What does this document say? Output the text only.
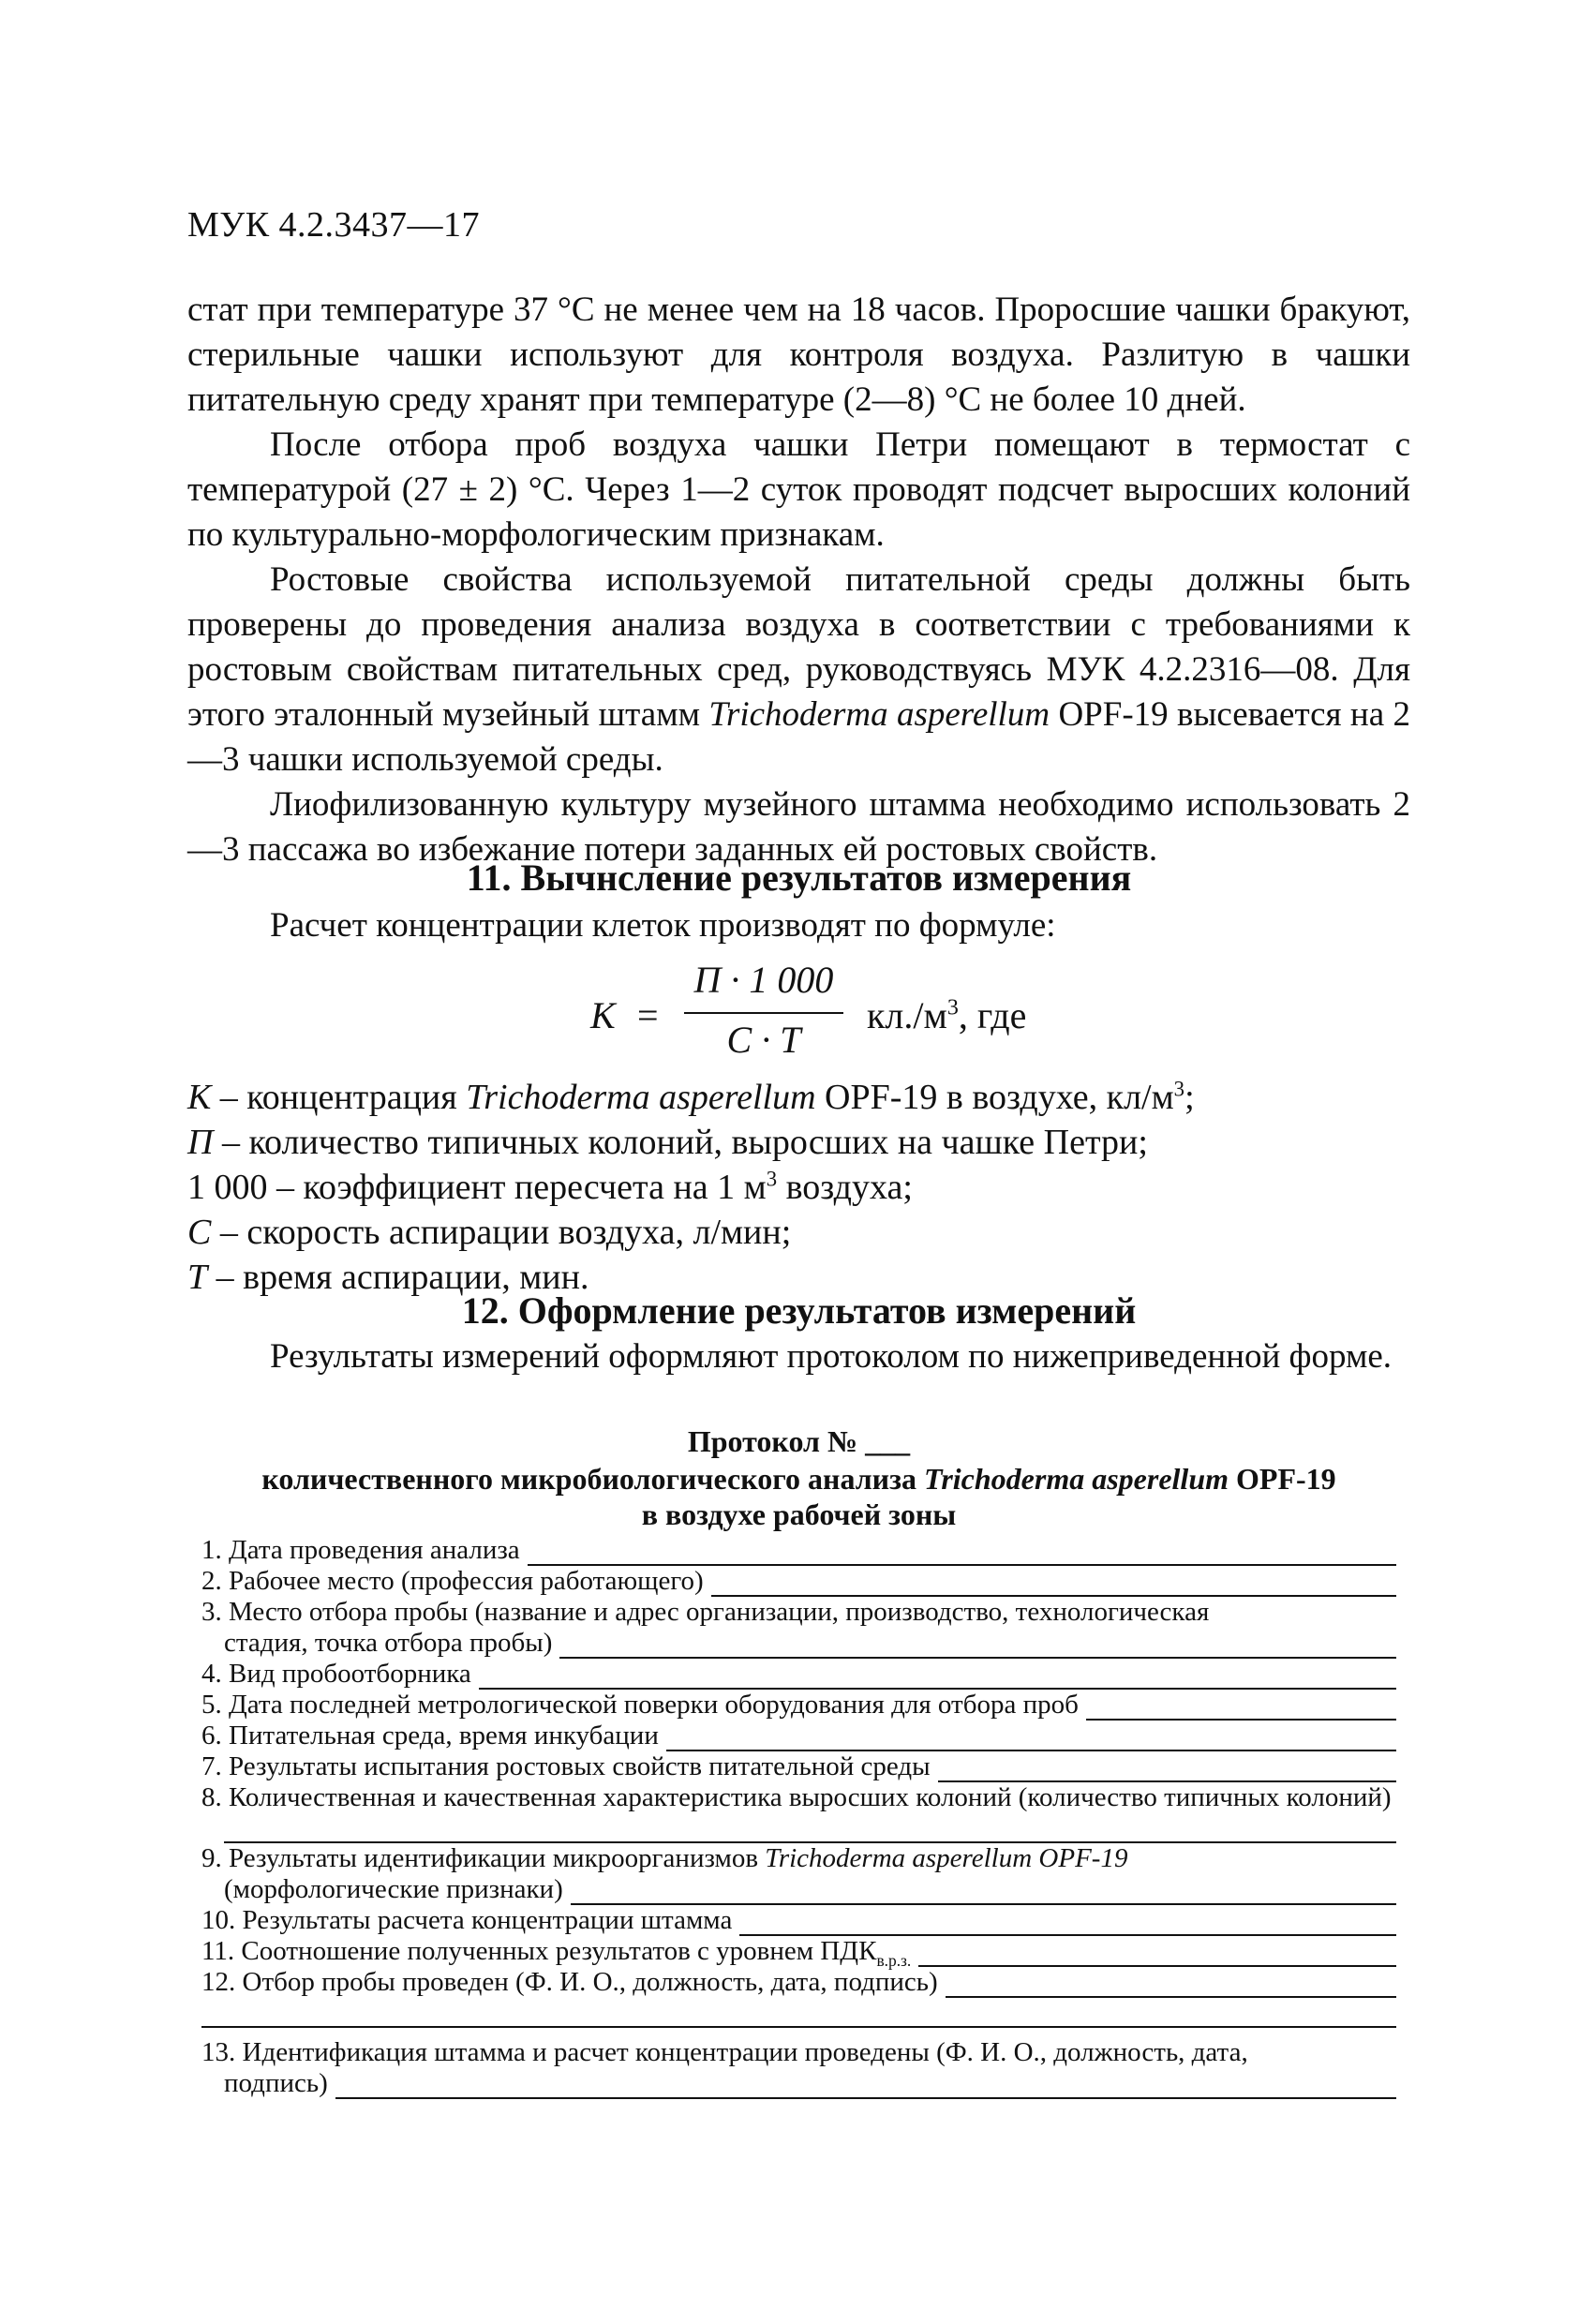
МУК 4.2.3437—17

стат при температуре 37 °С не менее чем на 18 часов. Проросшие чашки бракуют, стерильные чашки используют для контроля воздуха. Разлитую в чашки питательную среду хранят при температуре (2—8) °С не более 10 дней.

После отбора проб воздуха чашки Петри помещают в термостат с температурой (27 ± 2) °С. Через 1—2 суток проводят подсчет выросших колоний по культурально-морфологическим признакам.

Ростовые свойства используемой питательной среды должны быть проверены до проведения анализа воздуха в соответствии с требованиями к ростовым свойствам питательных сред, руководствуясь МУК 4.2.2316—08. Для этого эталонный музейный штамм Trichoderma asperellum OPF-19 высевается на 2—3 чашки используемой среды.

Лиофилизованную культуру музейного штамма необходимо использовать 2—3 пассажа во избежание потери заданных ей ростовых свойств.

11. Вычнсление результатов измерения
Расчет концентрации клеток производят по формуле:
К =
П · 1 000
С · Т
$кл./м^3$, где
К – концентрация Trichoderma asperellum OPF-19 в воздухе, $кл/м^3$;
П – количество типичных колоний, выросших на чашке Петри;
1 000 – коэффициент пересчета на 1 $м^3$ воздуха;
С – скорость аспирации воздуха, л/мин;
Т – время аспирации, мин.
12. Оформление результатов измерений
Результаты измерений оформляют протоколом по нижеприведенной форме.
Протокол № ___
количественного микробиологического анализа Trichoderma asperellum OPF-19
в воздухе рабочей зоны
1. Дата проведения анализа
2. Рабочее место (профессия работающего)
3. Место отбора пробы (название и адрес организации, производство, технологическая
стадия, точка отбора пробы)
4. Вид пробоотборника
5. Дата последней метрологической поверки оборудования для отбора проб
6. Питательная среда, время инкубации
7. Результаты испытания ростовых свойств питательной среды
8. Количественная и качественная характеристика выросших колоний (количество типичных колоний)
9. Результаты идентификации микроорганизмов Trichoderma asperellum OPF-19
(морфологические признаки)
10. Результаты расчета концентрации штамма
11. Соотношение полученных результатов с уровнем $ПДК_{в.р.з.}$
12. Отбор пробы проведен (Ф. И. О., должность, дата, подпись)
13. Идентификация штамма и расчет концентрации проведены (Ф. И. О., должность, дата,
подпись)
